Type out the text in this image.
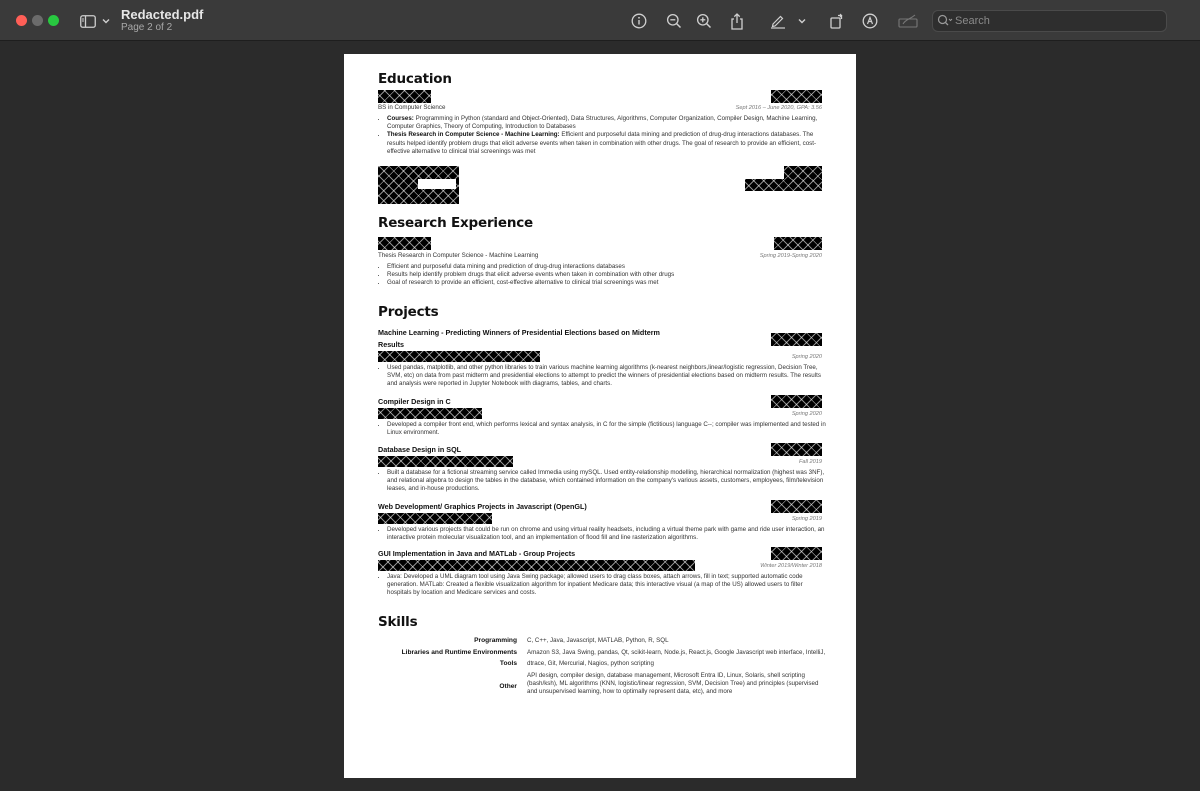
Redacted.pdf
Page 2 of 2
Search
Education
BS in Computer Science	Sept 2016 – June 2020, GPA: 3.56
• Courses: Programming in Python (standard and Object-Oriented), Data Structures, Algorithms, Computer Organization, Compiler Design, Machine Learning, Computer Graphics, Theory of Computing, Introduction to Databases
• Thesis Research in Computer Science - Machine Learning: Efficient and purposeful data mining and prediction of drug-drug interactions databases. The results helped identify problem drugs that elicit adverse events when taken in combination with other drugs. The goal of research to provide an efficient, cost-effective alternative to clinical trial screenings was met
Research Experience
Thesis Research in Computer Science - Machine Learning	Spring 2019-Spring 2020
• Efficient and purposeful data mining and prediction of drug-drug interactions databases
• Results help identify problem drugs that elicit adverse events when taken in combination with other drugs
• Goal of research to provide an efficient, cost-effective alternative to clinical trial screenings was met
Projects
Machine Learning - Predicting Winners of Presidential Elections based on Midterm
Results
Spring 2020
• Used pandas, matplotlib, and other python libraries to train various machine learning algorithms (k-nearest neighbors,linear/logistic regression, Decision Tree, SVM, etc) on data from past midterm and presidential elections to attempt to predict the winners of presidential elections based on midterm results. The results and analysis were reported in Jupyter Notebook with diagrams, tables, and charts.
Compiler Design in C
Spring 2020
• Developed a compiler front end, which performs lexical and syntax analysis, in C for the simple (fictitious) language C--; compiler was implemented and tested in Linux environment.
Database Design in SQL
Fall 2019
• Built a database for a fictional streaming service called Immedia using mySQL. Used entity-relationship modelling, hierarchical normalization (highest was 3NF), and relational algebra to design the tables in the database, which contained information on the company's various assets, customers, employees, film/television leases, and in-house productions.
Web Development/ Graphics Projects in Javascript (OpenGL)
Spring 2019
• Developed various projects that could be run on chrome and using virtual reality headsets, including a virtual theme park with game and ride user interaction, an interactive protein molecular visualization tool, and an implementation of flood fill and line rasterization algorithms.
GUI Implementation in Java and MATLab - Group Projects
Winter 2019/Winter 2018
• Java: Developed a UML diagram tool using Java Swing package; allowed users to drag class boxes, attach arrows, fill in text; supported automatic code generation. MATLab: Created a flexible visualization algorithm for inpatient Medicare data; this interactive visual (a map of the US) allowed users to filter hospitals by location and Medicare services and costs.
Skills
Programming C, C++, Java, Javascript, MATLAB, Python, R, SQL
Libraries and Runtime Environments Amazon S3, Java Swing, pandas, Qt, scikit-learn, Node.js, React.js, Google Javascript web interface, IntelliJ,
Tools dtrace, Git, Mercurial, Nagios, python scripting
Other
API design, compiler design, database management, Microsoft Entra ID, Linux, Solaris, shell scripting (bash/ksh), ML algorithms (KNN, logistic/linear regression, SVM, Decision Tree) and principles (supervised and unsupervised learning, how to optimally represent data, etc), and more
